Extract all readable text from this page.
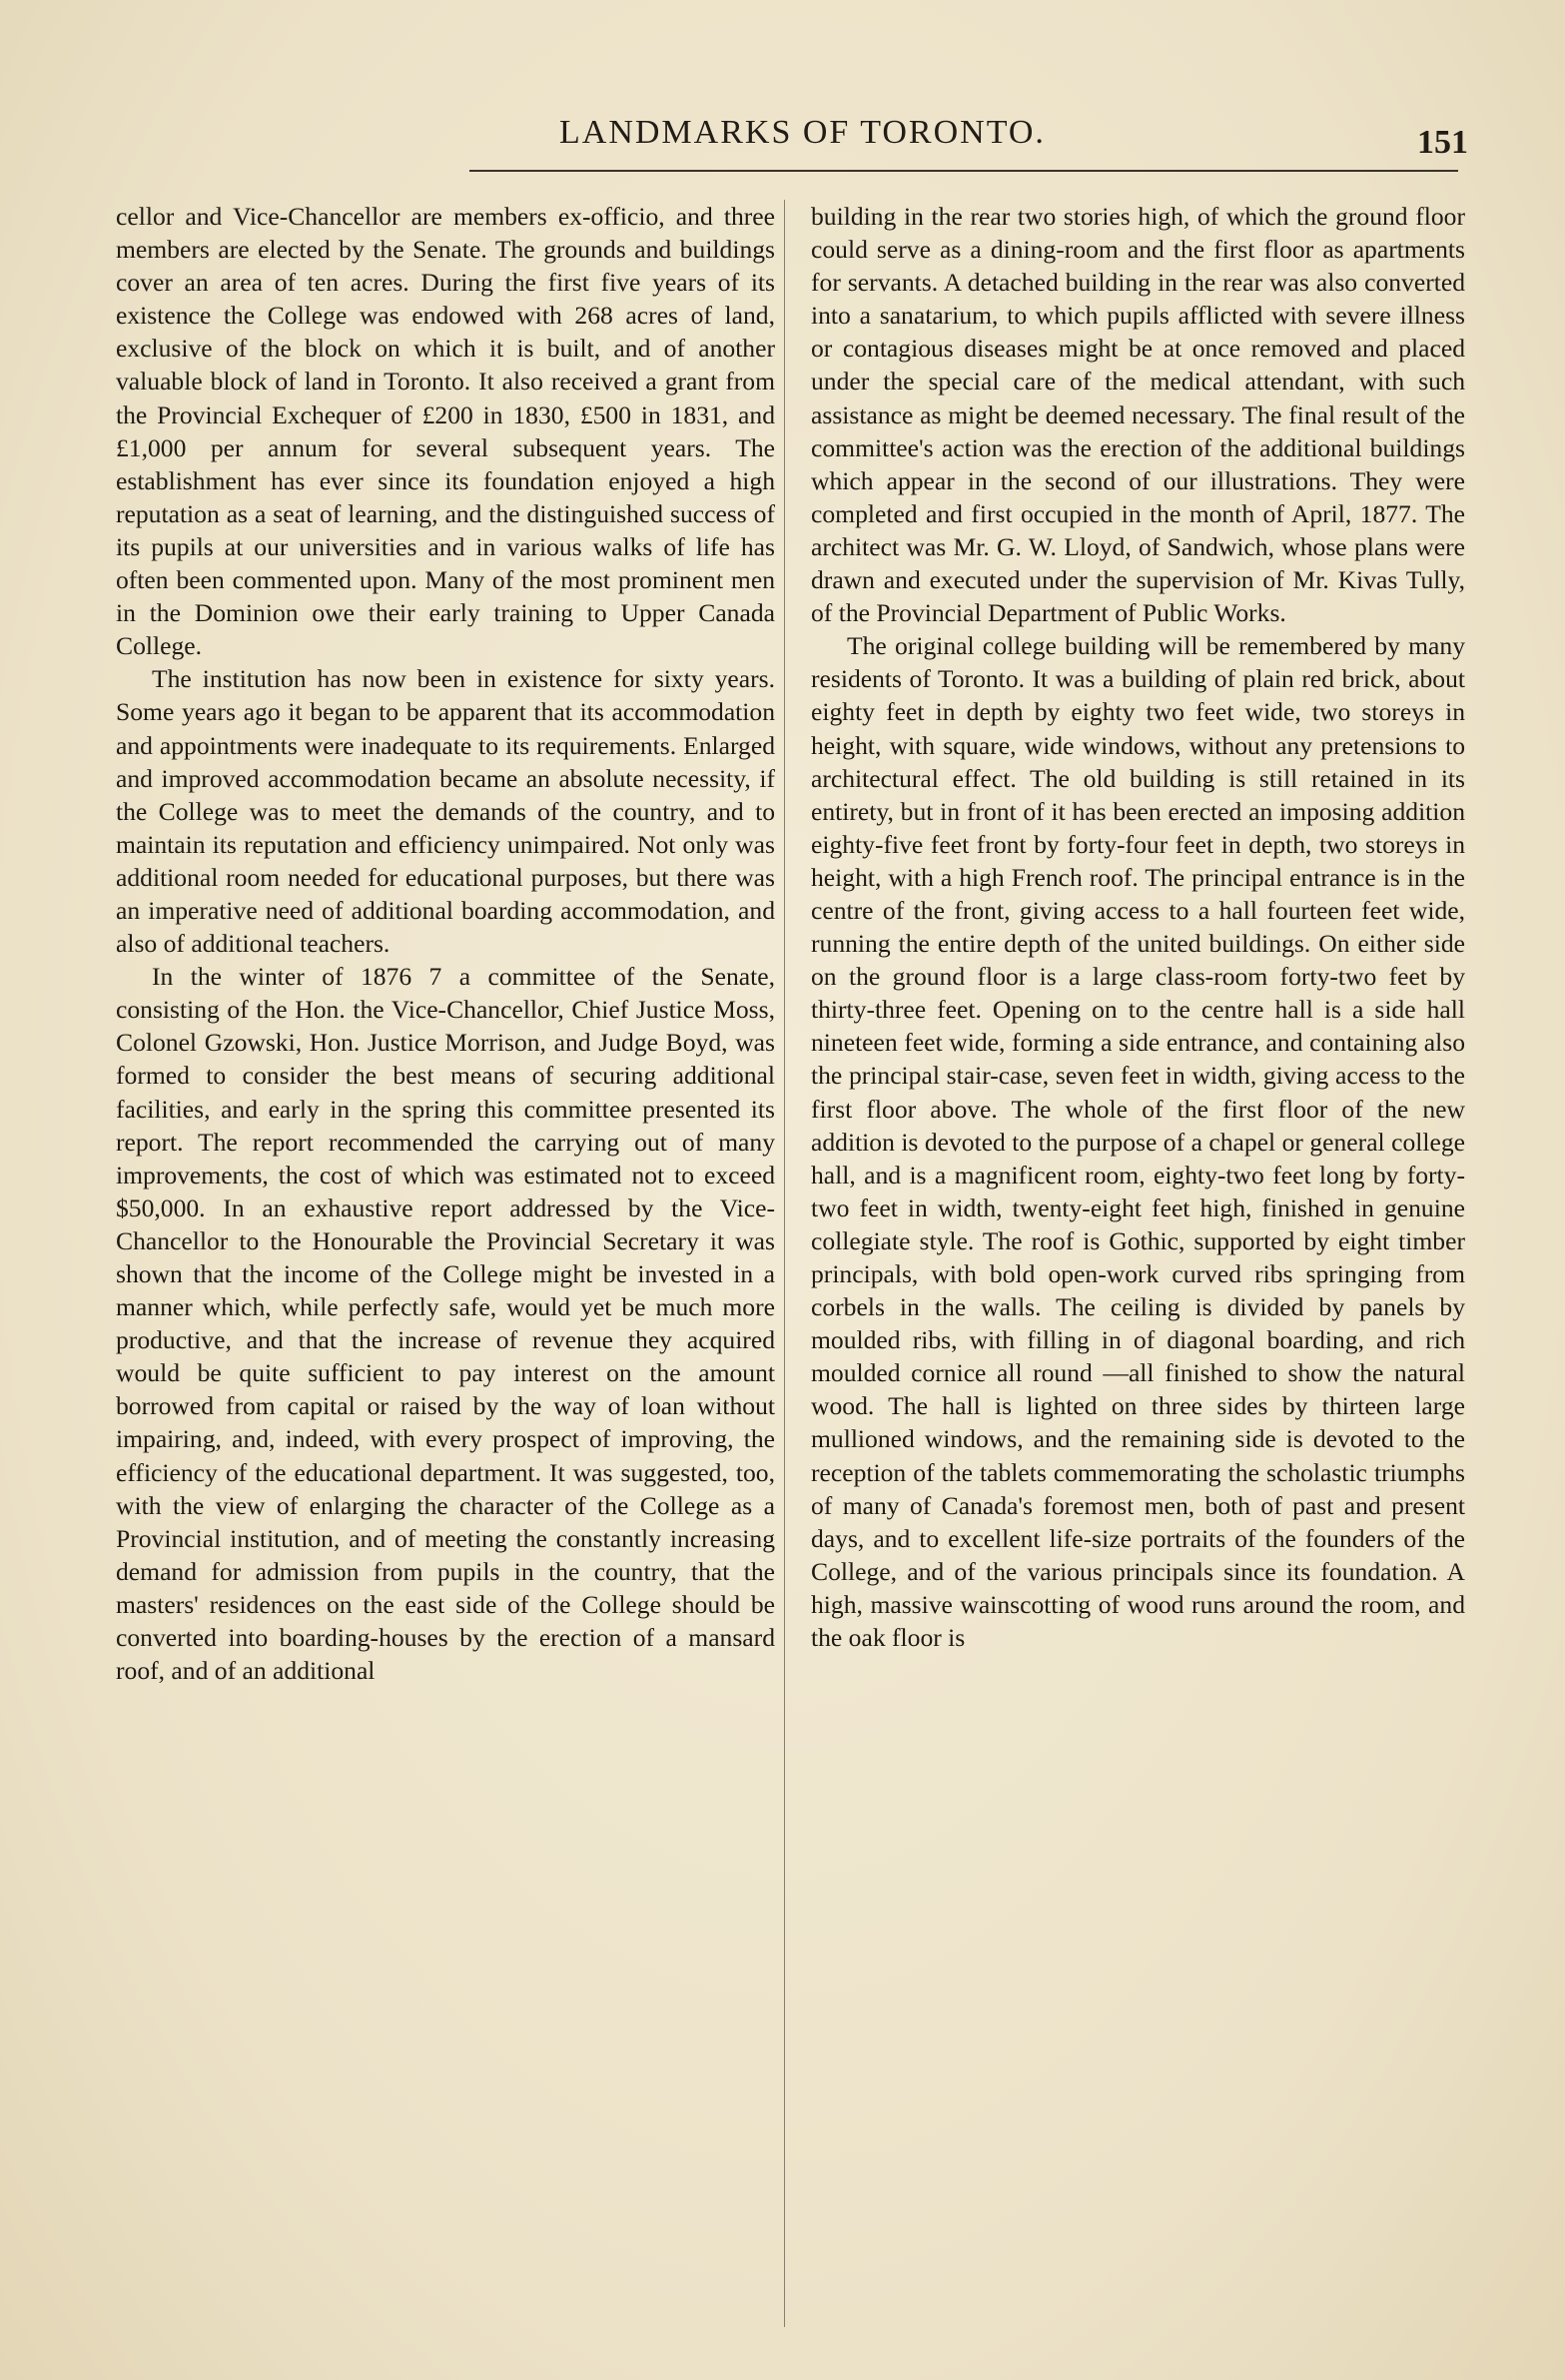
LANDMARKS OF TORONTO.	151

cellor and Vice-Chancellor are members ex-officio, and three members are elected by the Senate. The grounds and buildings cover an area of ten acres. During the first five years of its existence the College was endowed with 268 acres of land, exclusive of the block on which it is built, and of another valuable block of land in Toronto. It also received a grant from the Provincial Exchequer of £200 in 1830, £500 in 1831, and £1,000 per annum for several subsequent years. The establishment has ever since its foundation enjoyed a high reputation as a seat of learning, and the distinguished success of its pupils at our universities and in various walks of life has often been commented upon. Many of the most prominent men in the Dominion owe their early training to Upper Canada College.

The institution has now been in existence for sixty years. Some years ago it began to be apparent that its accommodation and appointments were inadequate to its requirements. Enlarged and improved accommodation became an absolute necessity, if the College was to meet the demands of the country, and to maintain its reputation and efficiency unimpaired. Not only was additional room needed for educational purposes, but there was an imperative need of additional boarding accommodation, and also of additional teachers.

In the winter of 1876 7 a committee of the Senate, consisting of the Hon. the Vice-Chancellor, Chief Justice Moss, Colonel Gzowski, Hon. Justice Morrison, and Judge Boyd, was formed to consider the best means of securing additional facilities, and early in the spring this committee presented its report. The report recommended the carrying out of many improvements, the cost of which was estimated not to exceed $50,000. In an exhaustive report addressed by the Vice-Chancellor to the Honourable the Provincial Secretary it was shown that the income of the College might be invested in a manner which, while perfectly safe, would yet be much more productive, and that the increase of revenue they acquired would be quite sufficient to pay interest on the amount borrowed from capital or raised by the way of loan without impairing, and, indeed, with every prospect of improving, the efficiency of the educational department. It was suggested, too, with the view of enlarging the character of the College as a Provincial institution, and of meeting the constantly increasing demand for admission from pupils in the country, that the masters' residences on the east side of the College should be converted into boarding-houses by the erection of a mansard roof, and of an additional

building in the rear two stories high, of which the ground floor could serve as a dining-room and the first floor as apartments for servants. A detached building in the rear was also converted into a sanatarium, to which pupils afflicted with severe illness or contagious diseases might be at once removed and placed under the special care of the medical attendant, with such assistance as might be deemed necessary. The final result of the committee's action was the erection of the additional buildings which appear in the second of our illustrations. They were completed and first occupied in the month of April, 1877. The architect was Mr. G. W. Lloyd, of Sandwich, whose plans were drawn and executed under the supervision of Mr. Kivas Tully, of the Provincial Department of Public Works.

The original college building will be remembered by many residents of Toronto. It was a building of plain red brick, about eighty feet in depth by eighty two feet wide, two storeys in height, with square, wide windows, without any pretensions to architectural effect. The old building is still retained in its entirety, but in front of it has been erected an imposing addition eighty-five feet front by forty-four feet in depth, two storeys in height, with a high French roof. The principal entrance is in the centre of the front, giving access to a hall fourteen feet wide, running the entire depth of the united buildings. On either side on the ground floor is a large class-room forty-two feet by thirty-three feet. Opening on to the centre hall is a side hall nineteen feet wide, forming a side entrance, and containing also the principal stair-case, seven feet in width, giving access to the first floor above. The whole of the first floor of the new addition is devoted to the purpose of a chapel or general college hall, and is a magnificent room, eighty-two feet long by forty-two feet in width, twenty-eight feet high, finished in genuine collegiate style. The roof is Gothic, supported by eight timber principals, with bold open-work curved ribs springing from corbels in the walls. The ceiling is divided by panels by moulded ribs, with filling in of diagonal boarding, and rich moulded cornice all round —all finished to show the natural wood. The hall is lighted on three sides by thirteen large mullioned windows, and the remaining side is devoted to the reception of the tablets commemorating the scholastic triumphs of many of Canada's foremost men, both of past and present days, and to excellent life-size portraits of the founders of the College, and of the various principals since its foundation. A high, massive wainscotting of wood runs around the room, and the oak floor is
